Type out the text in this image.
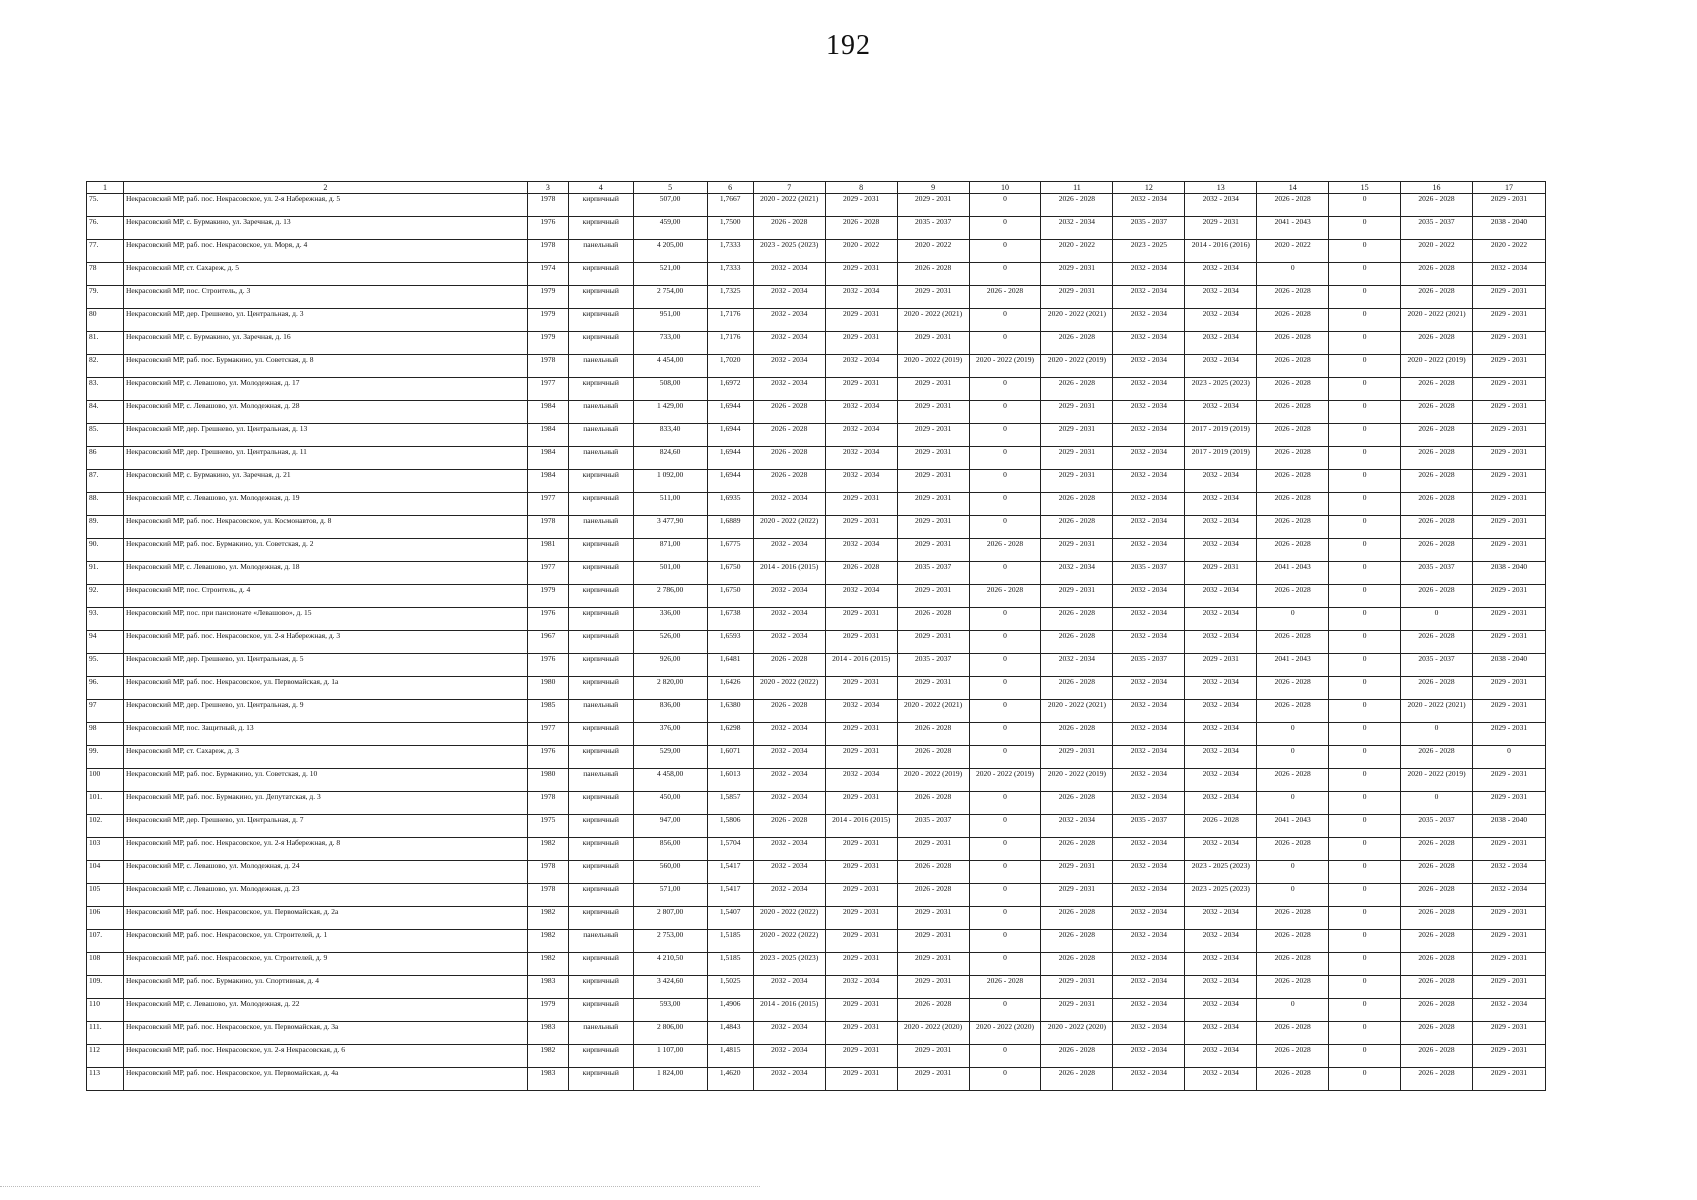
192
1	2	3	4	5	6	7	8	9	10	11	12	13	14	15	16	17
75.	Некрасовский МР, раб. пос. Некрасовское, ул. 2-я Набережная, д. 5	1978	кирпичный	507,00	1,7667	2020 - 2022 (2021)	2029 - 2031	2029 - 2031	0	2026 - 2028	2032 - 2034	2032 - 2034	2026 - 2028	0	2026 - 2028	2029 - 2031
76.	Некрасовский МР, с. Бурмакино, ул. Заречная, д. 13	1976	кирпичный	459,00	1,7500	2026 - 2028	2026 - 2028	2035 - 2037	0	2032 - 2034	2035 - 2037	2029 - 2031	2041 - 2043	0	2035 - 2037	2038 - 2040
77.	Некрасовский МР, раб. пос. Некрасовское, ул. Моря, д. 4	1978	панельный	4 205,00	1,7333	2023 - 2025 (2023)	2020 - 2022	2020 - 2022	0	2020 - 2022	2023 - 2025	2014 - 2016 (2016)	2020 - 2022	0	2020 - 2022	2020 - 2022
78	Некрасовский МР, ст. Сахареж, д. 5	1974	кирпичный	521,00	1,7333	2032 - 2034	2029 - 2031	2026 - 2028	0	2029 - 2031	2032 - 2034	2032 - 2034	0	0	2026 - 2028	2032 - 2034
79.	Некрасовский МР, пос. Строитель, д. 3	1979	кирпичный	2 754,00	1,7325	2032 - 2034	2032 - 2034	2029 - 2031	2026 - 2028	2029 - 2031	2032 - 2034	2032 - 2034	2026 - 2028	0	2026 - 2028	2029 - 2031
80	Некрасовский МР, дер. Грешнево, ул. Центральная, д. 3	1979	кирпичный	951,00	1,7176	2032 - 2034	2029 - 2031	2020 - 2022 (2021)	0	2020 - 2022 (2021)	2032 - 2034	2032 - 2034	2026 - 2028	0	2020 - 2022 (2021)	2029 - 2031
81.	Некрасовский МР, с. Бурмакино, ул. Заречная, д. 16	1979	кирпичный	733,00	1,7176	2032 - 2034	2029 - 2031	2029 - 2031	0	2026 - 2028	2032 - 2034	2032 - 2034	2026 - 2028	0	2026 - 2028	2029 - 2031
82.	Некрасовский МР, раб. пос. Бурмакино, ул. Советская, д. 8	1978	панельный	4 454,00	1,7020	2032 - 2034	2032 - 2034	2020 - 2022 (2019)	2020 - 2022 (2019)	2020 - 2022 (2019)	2032 - 2034	2032 - 2034	2026 - 2028	0	2020 - 2022 (2019)	2029 - 2031
83.	Некрасовский МР, с. Левашово, ул. Молодежная, д. 17	1977	кирпичный	508,00	1,6972	2032 - 2034	2029 - 2031	2029 - 2031	0	2026 - 2028	2032 - 2034	2023 - 2025 (2023)	2026 - 2028	0	2026 - 2028	2029 - 2031
84.	Некрасовский МР, с. Левашово, ул. Молодежная, д. 28	1984	панельный	1 429,00	1,6944	2026 - 2028	2032 - 2034	2029 - 2031	0	2029 - 2031	2032 - 2034	2032 - 2034	2026 - 2028	0	2026 - 2028	2029 - 2031
85.	Некрасовский МР, дер. Грешнево, ул. Центральная, д. 13	1984	панельный	833,40	1,6944	2026 - 2028	2032 - 2034	2029 - 2031	0	2029 - 2031	2032 - 2034	2017 - 2019 (2019)	2026 - 2028	0	2026 - 2028	2029 - 2031
86	Некрасовский МР, дер. Грешнево, ул. Центральная, д. 11	1984	панельный	824,60	1,6944	2026 - 2028	2032 - 2034	2029 - 2031	0	2029 - 2031	2032 - 2034	2017 - 2019 (2019)	2026 - 2028	0	2026 - 2028	2029 - 2031
87.	Некрасовский МР, с. Бурмакино, ул. Заречная, д. 21	1984	кирпичный	1 092,00	1,6944	2026 - 2028	2032 - 2034	2029 - 2031	0	2029 - 2031	2032 - 2034	2032 - 2034	2026 - 2028	0	2026 - 2028	2029 - 2031
88.	Некрасовский МР, с. Левашово, ул. Молодежная, д. 19	1977	кирпичный	511,00	1,6935	2032 - 2034	2029 - 2031	2029 - 2031	0	2026 - 2028	2032 - 2034	2032 - 2034	2026 - 2028	0	2026 - 2028	2029 - 2031
89.	Некрасовский МР, раб. пос. Некрасовское, ул. Космонавтов, д. 8	1978	панельный	3 477,90	1,6889	2020 - 2022 (2022)	2029 - 2031	2029 - 2031	0	2026 - 2028	2032 - 2034	2032 - 2034	2026 - 2028	0	2026 - 2028	2029 - 2031
90.	Некрасовский МР, раб. пос. Бурмакино, ул. Советская, д. 2	1981	кирпичный	871,00	1,6775	2032 - 2034	2032 - 2034	2029 - 2031	2026 - 2028	2029 - 2031	2032 - 2034	2032 - 2034	2026 - 2028	0	2026 - 2028	2029 - 2031
91.	Некрасовский МР, с. Левашово, ул. Молодежная, д. 18	1977	кирпичный	501,00	1,6750	2014 - 2016 (2015)	2026 - 2028	2035 - 2037	0	2032 - 2034	2035 - 2037	2029 - 2031	2041 - 2043	0	2035 - 2037	2038 - 2040
92.	Некрасовский МР, пос. Строитель, д. 4	1979	кирпичный	2 786,00	1,6750	2032 - 2034	2032 - 2034	2029 - 2031	2026 - 2028	2029 - 2031	2032 - 2034	2032 - 2034	2026 - 2028	0	2026 - 2028	2029 - 2031
93.	Некрасовский МР, пос. при пансионате «Левашово», д. 15	1976	кирпичный	336,00	1,6738	2032 - 2034	2029 - 2031	2026 - 2028	0	2026 - 2028	2032 - 2034	2032 - 2034	0	0	0	2029 - 2031
94	Некрасовский МР, раб. пос. Некрасовское, ул. 2-я Набережная, д. 3	1967	кирпичный	526,00	1,6593	2032 - 2034	2029 - 2031	2029 - 2031	0	2026 - 2028	2032 - 2034	2032 - 2034	2026 - 2028	0	2026 - 2028	2029 - 2031
95.	Некрасовский МР, дер. Грешнево, ул. Центральная, д. 5	1976	кирпичный	926,00	1,6481	2026 - 2028	2014 - 2016 (2015)	2035 - 2037	0	2032 - 2034	2035 - 2037	2029 - 2031	2041 - 2043	0	2035 - 2037	2038 - 2040
96.	Некрасовский МР, раб. пос. Некрасовское, ул. Первомайская, д. 1а	1980	кирпичный	2 820,00	1,6426	2020 - 2022 (2022)	2029 - 2031	2029 - 2031	0	2026 - 2028	2032 - 2034	2032 - 2034	2026 - 2028	0	2026 - 2028	2029 - 2031
97	Некрасовский МР, дер. Грешнево, ул. Центральная, д. 9	1985	панельный	836,00	1,6380	2026 - 2028	2032 - 2034	2020 - 2022 (2021)	0	2020 - 2022 (2021)	2032 - 2034	2032 - 2034	2026 - 2028	0	2020 - 2022 (2021)	2029 - 2031
98	Некрасовский МР, пос. Защитный, д. 13	1977	кирпичный	376,00	1,6298	2032 - 2034	2029 - 2031	2026 - 2028	0	2026 - 2028	2032 - 2034	2032 - 2034	0	0	0	2029 - 2031
99.	Некрасовский МР, ст. Сахареж, д. 3	1976	кирпичный	529,00	1,6071	2032 - 2034	2029 - 2031	2026 - 2028	0	2029 - 2031	2032 - 2034	2032 - 2034	0	0	2026 - 2028	0
100	Некрасовский МР, раб. пос. Бурмакино, ул. Советская, д. 10	1980	панельный	4 458,00	1,6013	2032 - 2034	2032 - 2034	2020 - 2022 (2019)	2020 - 2022 (2019)	2020 - 2022 (2019)	2032 - 2034	2032 - 2034	2026 - 2028	0	2020 - 2022 (2019)	2029 - 2031
101.	Некрасовский МР, раб. пос. Бурмакино, ул. Депутатская, д. 3	1978	кирпичный	450,00	1,5857	2032 - 2034	2029 - 2031	2026 - 2028	0	2026 - 2028	2032 - 2034	2032 - 2034	0	0	0	2029 - 2031
102.	Некрасовский МР, дер. Грешнево, ул. Центральная, д. 7	1975	кирпичный	947,00	1,5806	2026 - 2028	2014 - 2016 (2015)	2035 - 2037	0	2032 - 2034	2035 - 2037	2026 - 2028	2041 - 2043	0	2035 - 2037	2038 - 2040
103	Некрасовский МР, раб. пос. Некрасовское, ул. 2-я Набережная, д. 8	1982	кирпичный	856,00	1,5704	2032 - 2034	2029 - 2031	2029 - 2031	0	2026 - 2028	2032 - 2034	2032 - 2034	2026 - 2028	0	2026 - 2028	2029 - 2031
104	Некрасовский МР, с. Левашово, ул. Молодежная, д. 24	1978	кирпичный	560,00	1,5417	2032 - 2034	2029 - 2031	2026 - 2028	0	2029 - 2031	2032 - 2034	2023 - 2025 (2023)	0	0	2026 - 2028	2032 - 2034
105	Некрасовский МР, с. Левашово, ул. Молодежная, д. 23	1978	кирпичный	571,00	1,5417	2032 - 2034	2029 - 2031	2026 - 2028	0	2029 - 2031	2032 - 2034	2023 - 2025 (2023)	0	0	2026 - 2028	2032 - 2034
106	Некрасовский МР, раб. пос. Некрасовское, ул. Первомайская, д. 2а	1982	кирпичный	2 807,00	1,5407	2020 - 2022 (2022)	2029 - 2031	2029 - 2031	0	2026 - 2028	2032 - 2034	2032 - 2034	2026 - 2028	0	2026 - 2028	2029 - 2031
107.	Некрасовский МР, раб. пос. Некрасовское, ул. Строителей, д. 1	1982	панельный	2 753,00	1,5185	2020 - 2022 (2022)	2029 - 2031	2029 - 2031	0	2026 - 2028	2032 - 2034	2032 - 2034	2026 - 2028	0	2026 - 2028	2029 - 2031
108	Некрасовский МР, раб. пос. Некрасовское, ул. Строителей, д. 9	1982	кирпичный	4 210,50	1,5185	2023 - 2025 (2023)	2029 - 2031	2029 - 2031	0	2026 - 2028	2032 - 2034	2032 - 2034	2026 - 2028	0	2026 - 2028	2029 - 2031
109.	Некрасовский МР, раб. пос. Бурмакино, ул. Спортивная, д. 4	1983	кирпичный	3 424,60	1,5025	2032 - 2034	2032 - 2034	2029 - 2031	2026 - 2028	2029 - 2031	2032 - 2034	2032 - 2034	2026 - 2028	0	2026 - 2028	2029 - 2031
110	Некрасовский МР, с. Левашово, ул. Молодежная, д. 22	1979	кирпичный	593,00	1,4906	2014 - 2016 (2015)	2029 - 2031	2026 - 2028	0	2029 - 2031	2032 - 2034	2032 - 2034	0	0	2026 - 2028	2032 - 2034
111.	Некрасовский МР, раб. пос. Некрасовское, ул. Первомайская, д. 3а	1983	панельный	2 806,00	1,4843	2032 - 2034	2029 - 2031	2020 - 2022 (2020)	2020 - 2022 (2020)	2020 - 2022 (2020)	2032 - 2034	2032 - 2034	2026 - 2028	0	2026 - 2028	2029 - 2031
112	Некрасовский МР, раб. пос. Некрасовское, ул. 2-я Некрасовская, д. 6	1982	кирпичный	1 107,00	1,4815	2032 - 2034	2029 - 2031	2029 - 2031	0	2026 - 2028	2032 - 2034	2032 - 2034	2026 - 2028	0	2026 - 2028	2029 - 2031
113	Некрасовский МР, раб. пос. Некрасовское, ул. Первомайская, д. 4а	1983	кирпичный	1 824,00	1,4620	2032 - 2034	2029 - 2031	2029 - 2031	0	2026 - 2028	2032 - 2034	2032 - 2034	2026 - 2028	0	2026 - 2028	2029 - 2031
